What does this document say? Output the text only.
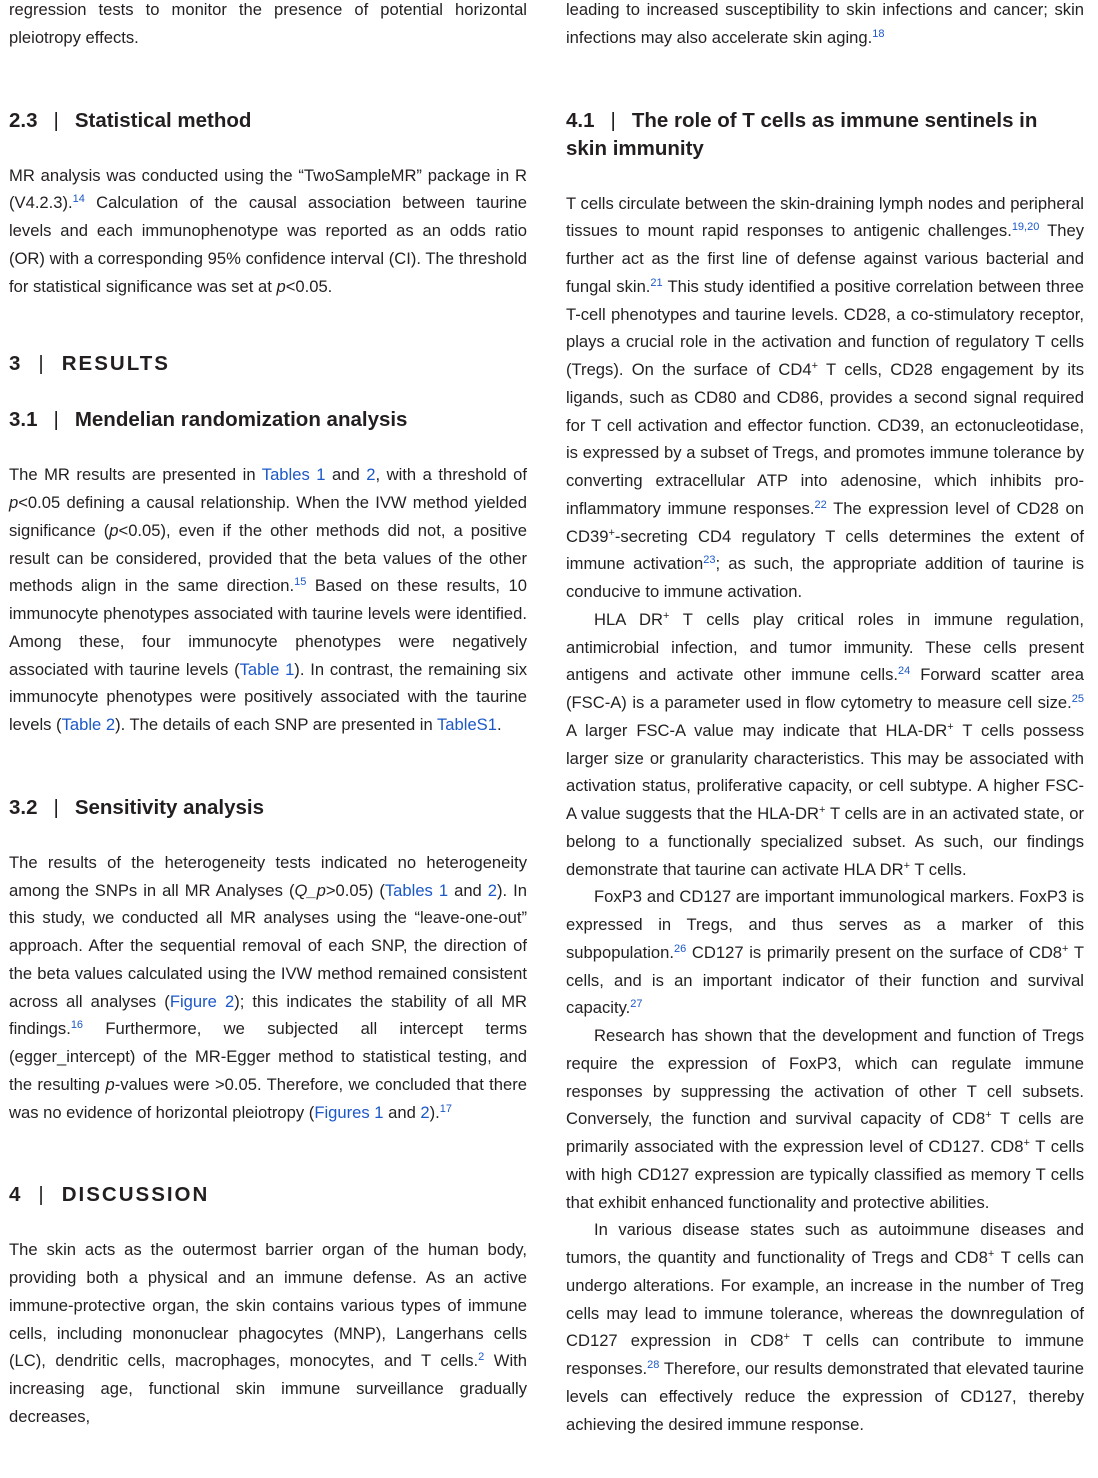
regression tests to monitor the presence of potential horizontal pleiotropy effects.

2.3 | Statistical method

MR analysis was conducted using the “TwoSampleMR” package in R (V4.2.3).$^{14}$ Calculation of the causal association between taurine levels and each immunophenotype was reported as an odds ratio (OR) with a corresponding 95% confidence interval (CI). The threshold for statistical significance was set at p<0.05.

3 | RESULTS
3.1 | Mendelian randomization analysis

The MR results are presented in Tables 1 and 2, with a threshold of p<0.05 defining a causal relationship. When the IVW method yielded significance (p<0.05), even if the other methods did not, a positive result can be considered, provided that the beta values of the other methods align in the same direction.$^{15}$ Based on these results, 10 immunocyte phenotypes associated with taurine levels were identified. Among these, four immunocyte phenotypes were negatively associated with taurine levels (Table 1). In contrast, the remaining six immunocyte phenotypes were positively associated with the taurine levels (Table 2). The details of each SNP are presented in TableS1.

3.2 | Sensitivity analysis

The results of the heterogeneity tests indicated no heterogeneity among the SNPs in all MR Analyses (Q_p>0.05) (Tables 1 and 2). In this study, we conducted all MR analyses using the “leave-one-out” approach. After the sequential removal of each SNP, the direction of the beta values calculated using the IVW method remained consistent across all analyses (Figure 2); this indicates the stability of all MR findings.$^{16}$ Furthermore, we subjected all intercept terms (egger_intercept) of the MR-Egger method to statistical testing, and the resulting p-values were >0.05. Therefore, we concluded that there was no evidence of horizontal pleiotropy (Figures 1 and 2).$^{17}$

4 | DISCUSSION

The skin acts as the outermost barrier organ of the human body, providing both a physical and an immune defense. As an active immune-protective organ, the skin contains various types of immune cells, including mononuclear phagocytes (MNP), Langerhans cells (LC), dendritic cells, macrophages, monocytes, and T cells.$^2$ With increasing age, functional skin immune surveillance gradually decreases,

leading to increased susceptibility to skin infections and cancer; skin infections may also accelerate skin aging.$^{18}$

4.1 | The role of T cells as immune sentinels in skin immunity

T cells circulate between the skin-draining lymph nodes and peripheral tissues to mount rapid responses to antigenic challenges.$^{19,20}$ They further act as the first line of defense against various bacterial and fungal skin.$^{21}$ This study identified a positive correlation between three T-cell phenotypes and taurine levels. CD28, a co-stimulatory receptor, plays a crucial role in the activation and function of regulatory T cells (Tregs). On the surface of CD4+ T cells, CD28 engagement by its ligands, such as CD80 and CD86, provides a second signal required for T cell activation and effector function. CD39, an ectonucleotidase, is expressed by a subset of Tregs, and promotes immune tolerance by converting extracellular ATP into adenosine, which inhibits pro-inflammatory immune responses.$^{22}$ The expression level of CD28 on CD39+-secreting CD4 regulatory T cells determines the extent of immune activation$^{23}$; as such, the appropriate addition of taurine is conducive to immune activation.

HLA DR+ T cells play critical roles in immune regulation, antimicrobial infection, and tumor immunity. These cells present antigens and activate other immune cells.$^{24}$ Forward scatter area (FSC-A) is a parameter used in flow cytometry to measure cell size.$^{25}$ A larger FSC-A value may indicate that HLA-DR+ T cells possess larger size or granularity characteristics. This may be associated with activation status, proliferative capacity, or cell subtype. A higher FSC-A value suggests that the HLA-DR+ T cells are in an activated state, or belong to a functionally specialized subset. As such, our findings demonstrate that taurine can activate HLA DR+ T cells.

FoxP3 and CD127 are important immunological markers. FoxP3 is expressed in Tregs, and thus serves as a marker of this subpopulation.$^{26}$ CD127 is primarily present on the surface of CD8+ T cells, and is an important indicator of their function and survival capacity.$^{27}$

Research has shown that the development and function of Tregs require the expression of FoxP3, which can regulate immune responses by suppressing the activation of other T cell subsets. Conversely, the function and survival capacity of CD8+ T cells are primarily associated with the expression level of CD127. CD8+ T cells with high CD127 expression are typically classified as memory T cells that exhibit enhanced functionality and protective abilities.

In various disease states such as autoimmune diseases and tumors, the quantity and functionality of Tregs and CD8+ T cells can undergo alterations. For example, an increase in the number of Treg cells may lead to immune tolerance, whereas the downregulation of CD127 expression in CD8+ T cells can contribute to immune responses.$^{28}$ Therefore, our results demonstrated that elevated taurine levels can effectively reduce the expression of CD127, thereby achieving the desired immune response.
